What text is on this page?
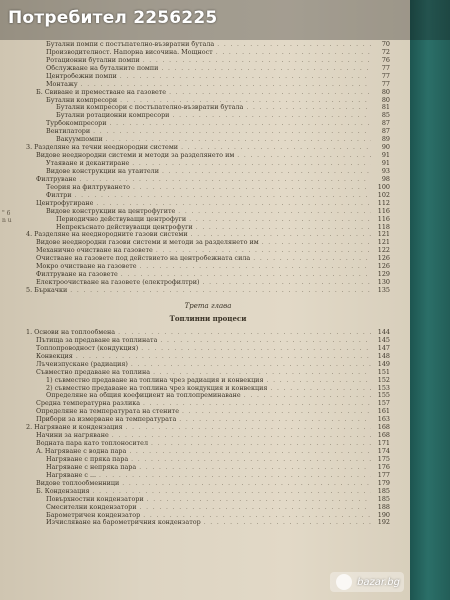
Потребител 2256225
" 6 n u
Бутални помпи с постъпателно-възвратни бутала . . .	70
Производителност. Напорна височина. Мощност . . .	72
Ротационни бутални помпи . . .	76
Обслужване на буталните помпи . . .	77
Центробежни помпи . . .	77
Монтажу . . .	77
Б. Свиване и преместване на газовете . . .	80
Бутални компресори . . .	80
Бутални компресори с постъпателно-възвратни бутала . . .	81
Бутални ротационни компресори . . .	85
Турбокомпресори . . .	87
Вентилатори . . .	87
Вакуумпомпи . . .	89
3. Разделяне на течни нееднородни системи . . .	90
Видове нееднородни системи и методи за разделянето им . . .	91
Утаяване и декантиране . . .	91
Видове конструкции на утаители . . .	93
Филтруване . . .	98
Теория на филтруването . . .	100
Филтри . . .	102
Центрофугиране . . .	112
Видове конструкции на центрофугите . . .	116
Периодично действуващи центрофуги . . .	116
Непрекъснато действуващи центрофуги . . .	118
4. Разделяне на нееднородните газови системи . . .	121
Видове нееднородни газови системи и методи за разделянето им . . .	121
Механично очистване на газовете . . .	122
Очистване на газовете под действието на центробежната сила . . .	126
Мокро очистване на газовете . . .	126
Филтруване на газовете . . .	129
Електроочистване на газовете (електрофилтри) . . .	130
5. Бъркачки . . .	135
Трета глава
Топлинни процеси
1. Основи на топлообмена . . .	144
Пътища за предаване на топлината . . .	145
Топлопроводност (кондукция) . . .	147
Конвекция . . .	148
Лъчеизпускане (радиация) . . .	149
Съвместно предаване на топлина . . .	151
1) съвместно предаване на топлина чрез радиация и конвекция . . .	152
2) съвместно предаване на топлина чрез кондукция и конвекция . . .	153
Определяне на общия коефициент на топлопреминаване . . .	155
Средна температурна разлика . . .	157
Определяне на температурата на стените . . .	161
Прибори за измерване на температурата . . .	163
2. Нагряване и кондензация . . .	168
Начини за нагряване . . .	168
Водната пара като топлоносител . . .	171
А. Нагряване с водна пара . . .	174
Нагряване с пряка пара . . .	175
Нагряване с непряка пара . . .	176
Нагряване с ... . . .	177
Видове топлообменници . . .	179
Б. Кондензация . . .	185
Повърхностни кондензатори . . .	185
Смесителни кондензатори . . .	188
Барометричен кондензатор . . .	190
Изчисляване на барометричния кондензатор . . .	192
bazar.bg
